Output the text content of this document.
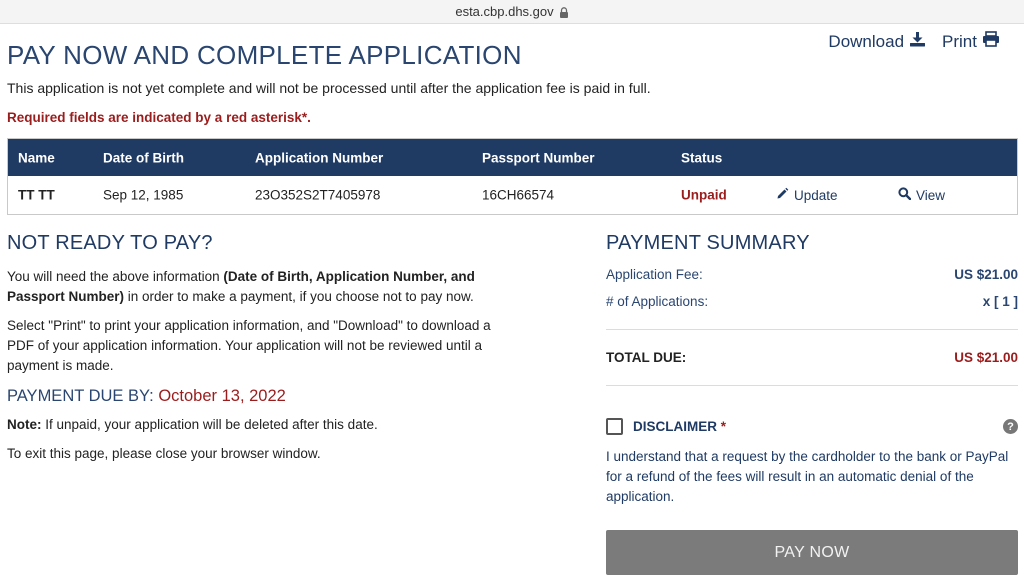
esta.cbp.dhs.gov
PAY NOW AND COMPLETE APPLICATION	Download Print

This application is not yet complete and will not be processed until after the application fee is paid in full.

Required fields are indicated by a red asterisk*.

Name	Date of Birth	Application Number	Passport Number	Status
TT TT	Sep 12, 1985	23O352S2T7405978	16CH66574	Unpaid	Update	View
NOT READY TO PAY?

You will need the above information (Date of Birth, Application Number, and Passport Number) in order to make a payment, if you choose not to pay now.

Select "Print" to print your application information, and "Download" to download a PDF of your application information. Your application will not be reviewed until a payment is made.

PAYMENT DUE BY: October 13, 2022

Note: If unpaid, your application will be deleted after this date.

To exit this page, please close your browser window.

PAYMENT SUMMARY
Application Fee:	US $21.00
# of Applications:	x [ 1 ]
TOTAL DUE:	US $21.00
DISCLAIMER *	?

I understand that a request by the cardholder to the bank or PayPal for a refund of the fees will result in an automatic denial of the application.

PAY NOW
